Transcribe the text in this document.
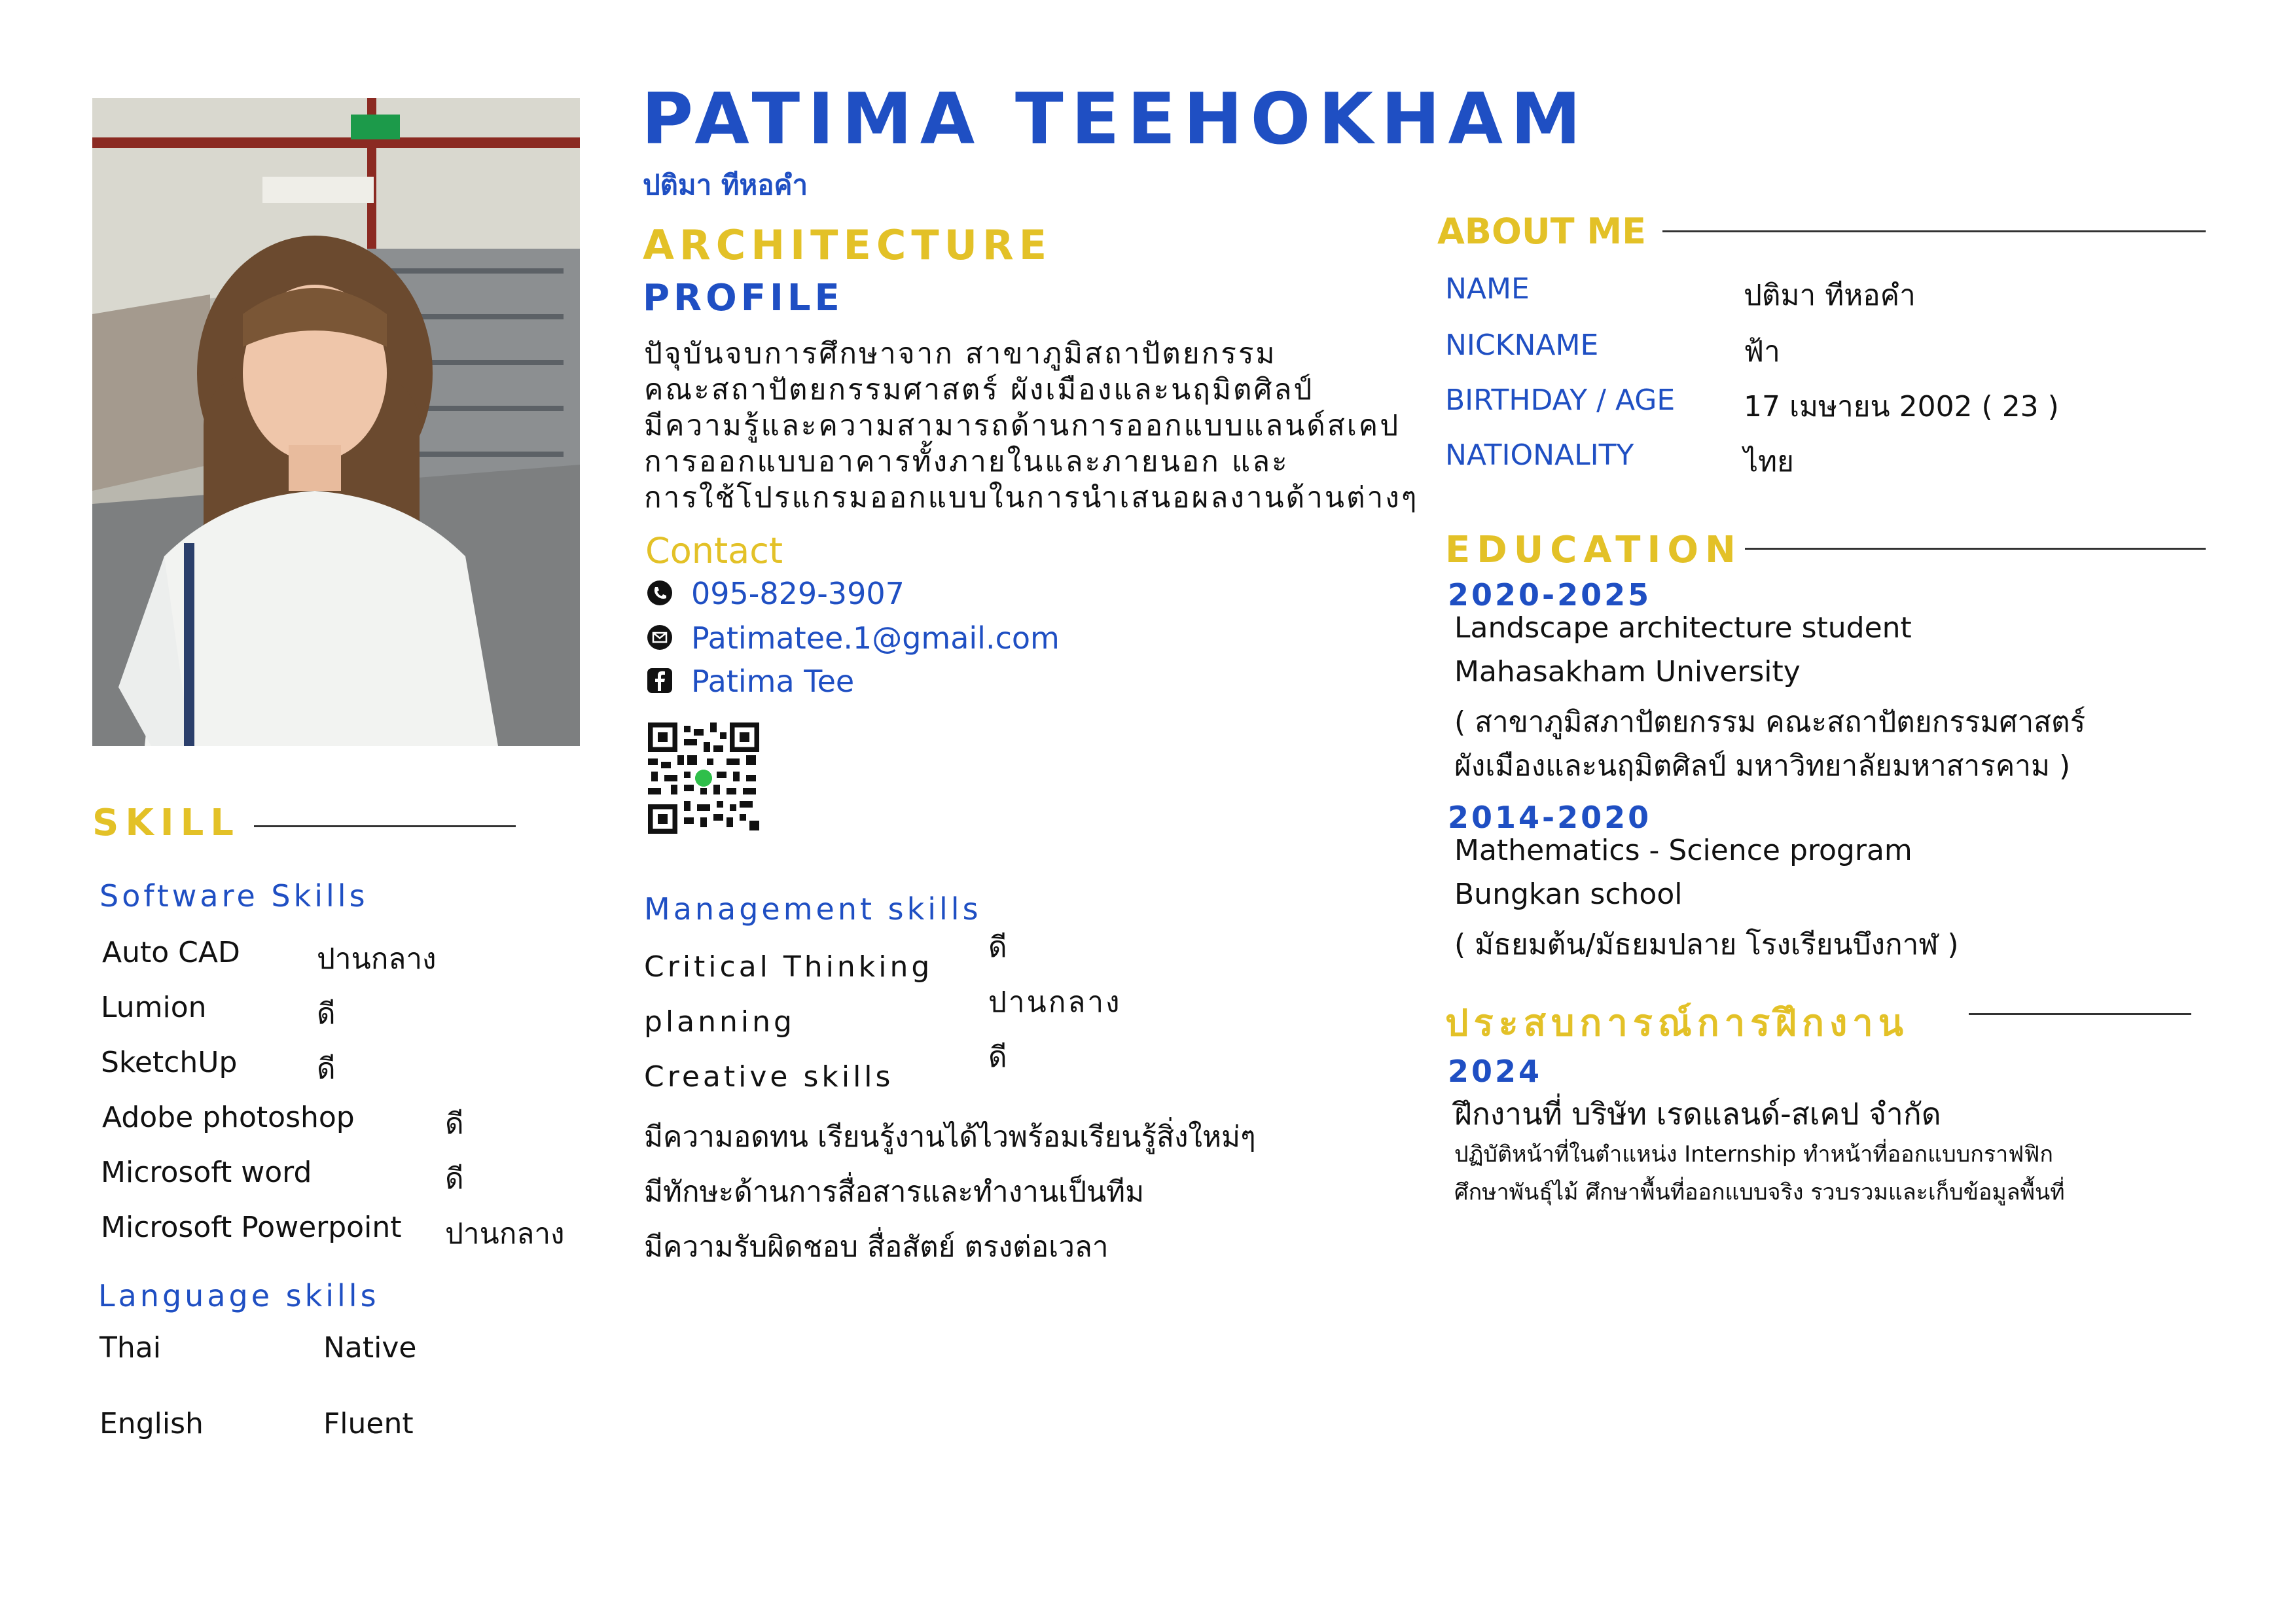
PATIMA TEEHOKHAM
ปติมา ทีหอคำ
ARCHITECTURE
PROFILE
ปัจุบันจบการศึกษาจาก สาขาภูมิสถาปัตยกรรม
คณะสถาปัตยกรรมศาสตร์ ผังเมืองและนฤมิตศิลป์
มีความรู้และความสามารถด้านการออกแบบแลนด์สเคป
การออกแบบอาคารทั้งภายในและภายนอก และ
การใช้โปรแกรมออกแบบในการนำเสนอผลงานด้านต่างๆ
Contact
095-829-3907
Patimatee.1@gmail.com
Patima Tee
SKILL
Software Skills
Auto CAD	ปานกลาง
Lumion	ดี
SketchUp	ดี
Adobe photoshop	ดี
Microsoft word	ดี
Microsoft Powerpoint ปานกลาง
Language skills
Thai	Native
English	Fluent
Management skills
Critical Thinking
ดี
planning
ปานกลาง
Creative skills
ดี
มีความอดทน เรียนรู้งานได้ไวพร้อมเรียนรู้สิ่งใหม่ๆ
มีทักษะด้านการสื่อสารและทำงานเป็นทีม
มีความรับผิดชอบ สื่อสัตย์ ตรงต่อเวลา
ABOUT ME
NAME	ปติมา ทีหอคำ
NICKNAME	ฟ้า
BIRTHDAY / AGE 17 เมษายน 2002 ( 23 )
NATIONALITY	ไทย
EDUCATION
2020-2025
Landscape architecture student
Mahasakham University
( สาขาภูมิสภาปัตยกรรม คณะสถาปัตยกรรมศาสตร์
ผังเมืองและนฤมิตศิลป์ มหาวิทยาลัยมหาสารคาม )
2014-2020
Mathematics - Science program
Bungkan school
( มัธยมต้น/มัธยมปลาย โรงเรียนบึงกาฬ )
ประสบการณ์การฝึกงาน
2024
ฝึกงานที่ บริษัท เรดแลนด์-สเคป จำกัด
ปฏิบัติหน้าที่ในตำแหน่ง Internship ทำหน้าที่ออกแบบกราฟฟิก
ศึกษาพันธุ์ไม้ ศึกษาพื้นที่ออกแบบจริง รวบรวมและเก็บข้อมูลพื้นที่
